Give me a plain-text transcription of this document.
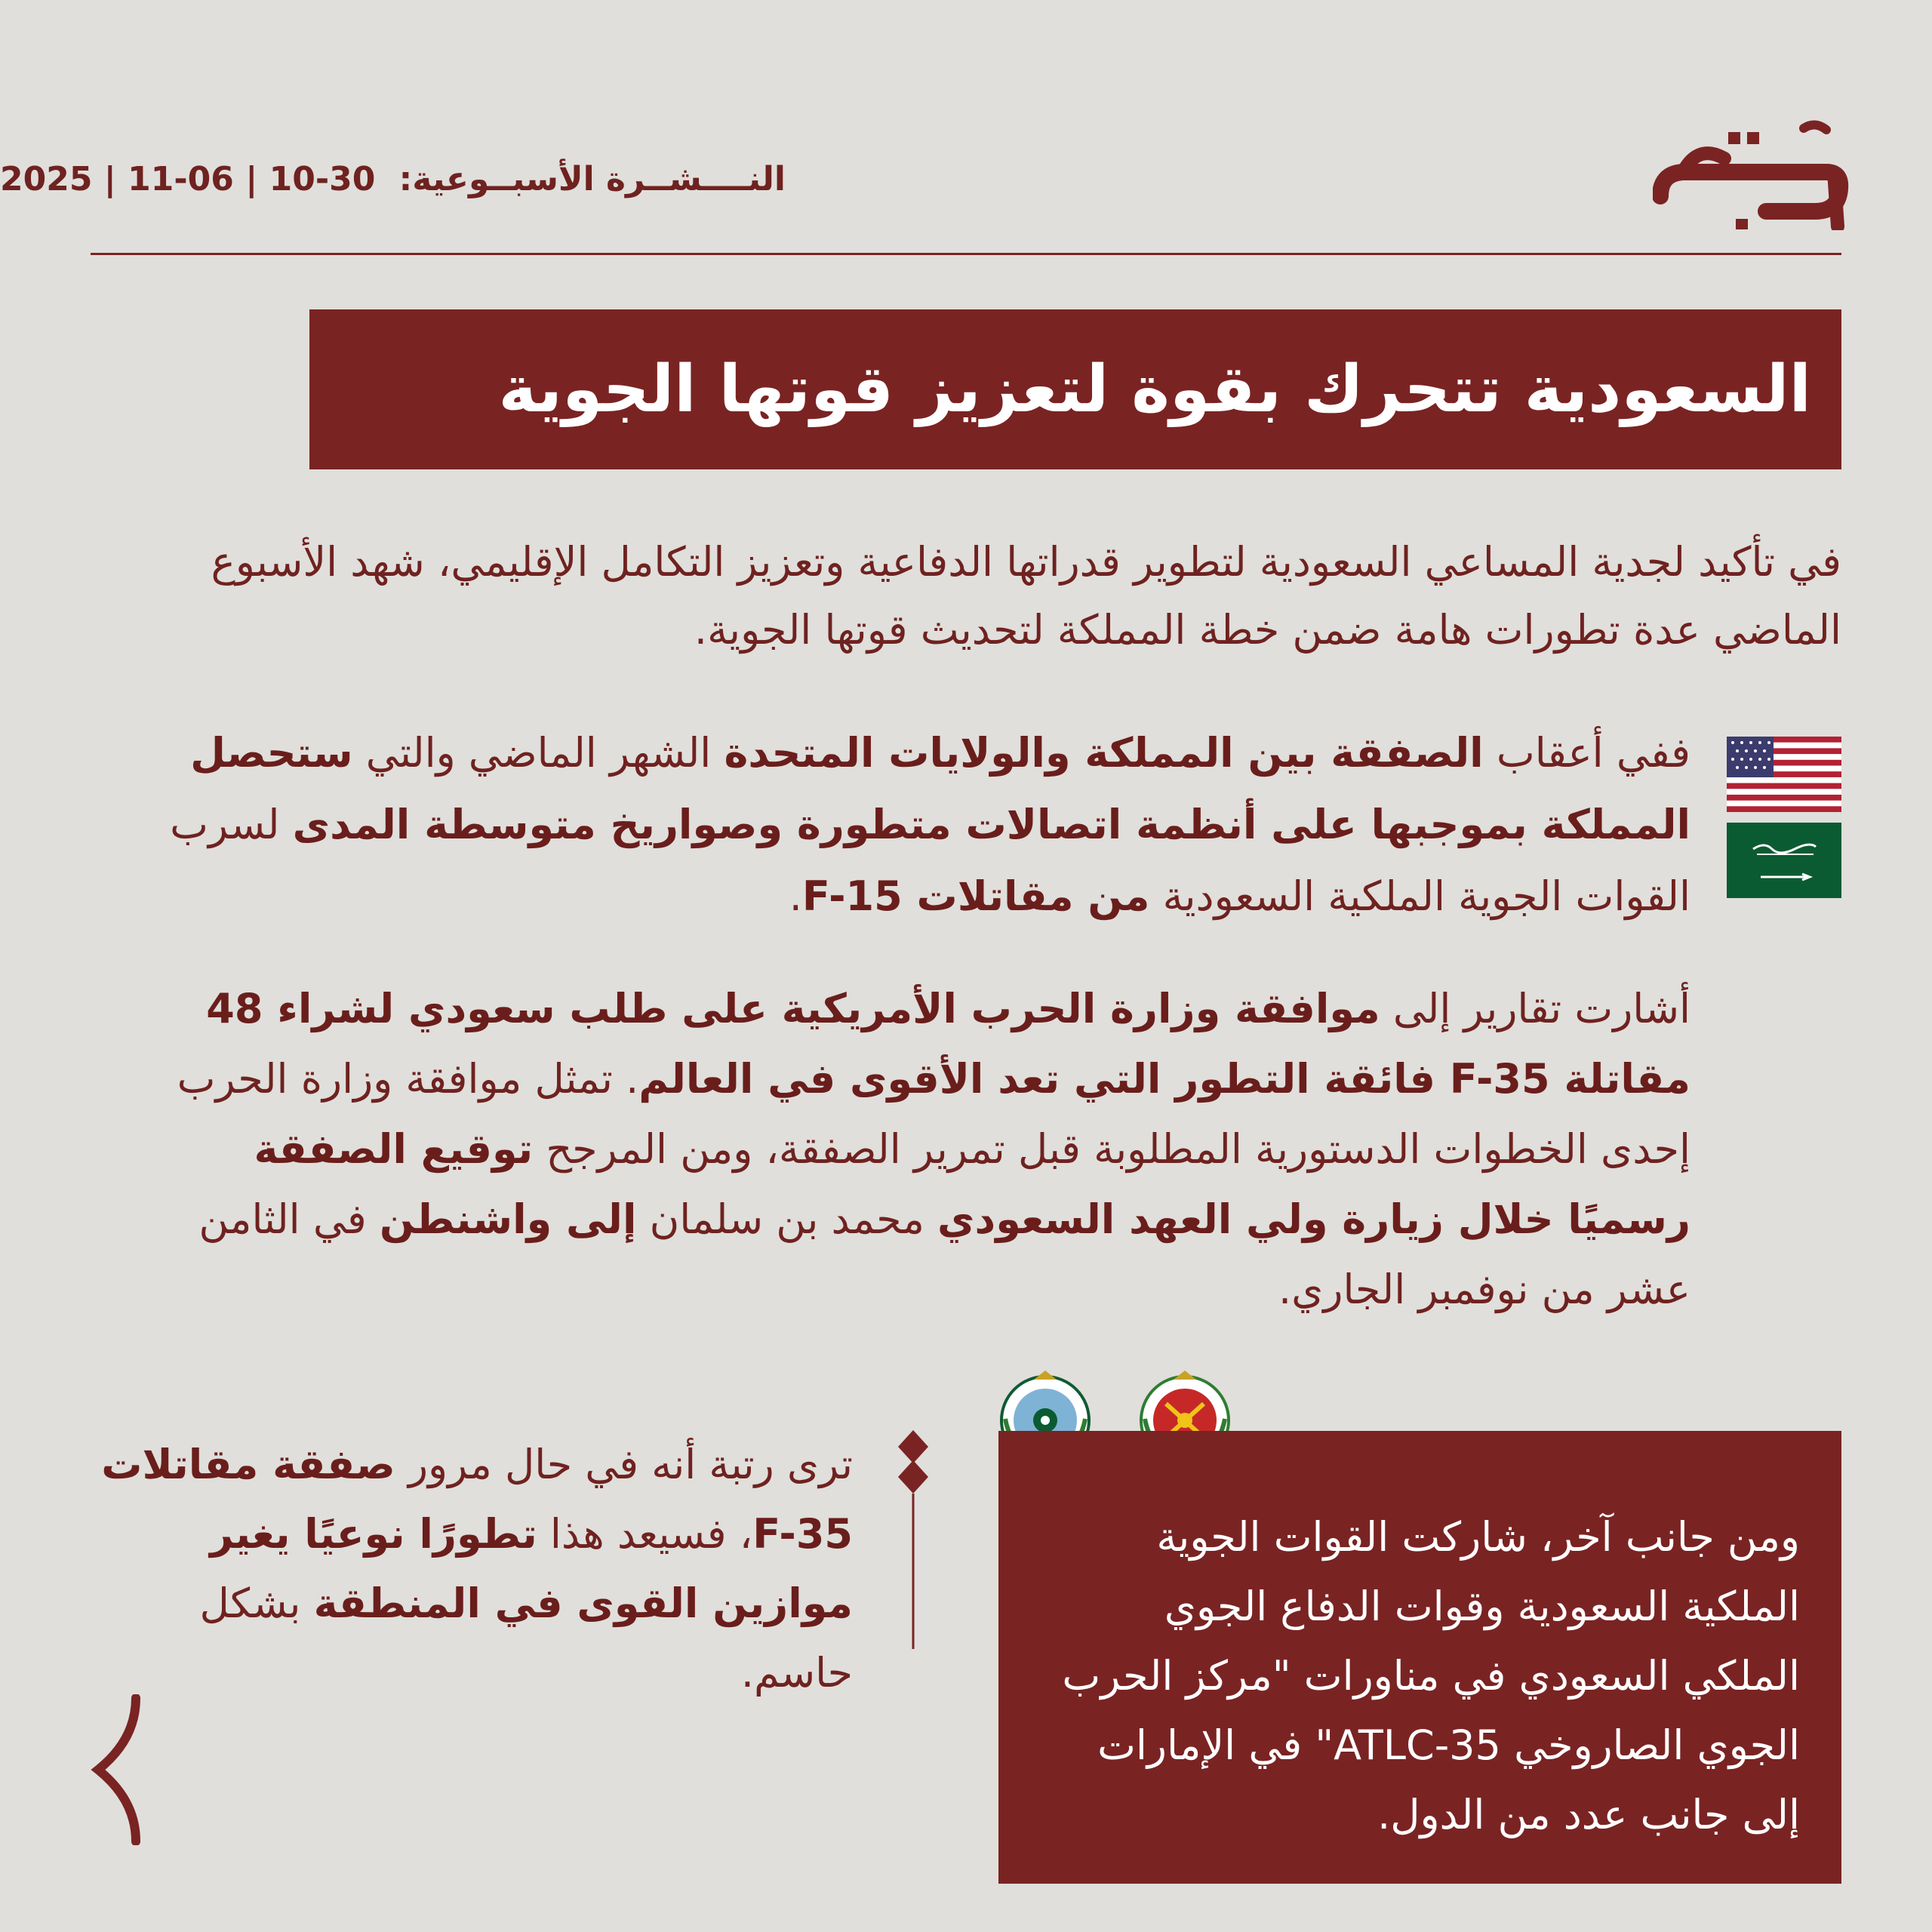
2025 | 11-06 | 10-30 النــــشــرة الأسبــوعية:
السعودية تتحرك بقوة لتعزيز قوتها الجوية

في تأكيد لجدية المساعي السعودية لتطوير قدراتها الدفاعية وتعزيز التكامل الإقليمي، شهد الأسبوع الماضي عدة تطورات هامة ضمن خطة المملكة لتحديث قوتها الجوية.

ففي أعقاب الصفقة بين المملكة والولايات المتحدة الشهر الماضي والتي ستحصل المملكة بموجبها على أنظمة اتصالات متطورة وصواريخ متوسطة المدى لسرب القوات الجوية الملكية السعودية من مقاتلات F-15.

أشارت تقارير إلى موافقة وزارة الحرب الأمريكية على طلب سعودي لشراء 48 مقاتلة F-35 فائقة التطور التي تعد الأقوى في العالم. تمثل موافقة وزارة الحرب إحدى الخطوات الدستورية المطلوبة قبل تمرير الصفقة، ومن المرجح توقيع الصفقة رسميًا خلال زيارة ولي العهد السعودي محمد بن سلمان إلى واشنطن في الثامن عشر من نوفمبر الجاري.

ومن جانب آخر، شاركت القوات الجوية الملكية السعودية وقوات الدفاع الجوي الملكي السعودي في مناورات "مركز الحرب الجوي الصاروخي ATLC-35" في الإمارات إلى جانب عدد من الدول.

ترى رتبة أنه في حال مرور صفقة مقاتلات F-35، فسيعد هذا تطورًا نوعيًا يغير موازين القوى في المنطقة بشكل حاسم.
